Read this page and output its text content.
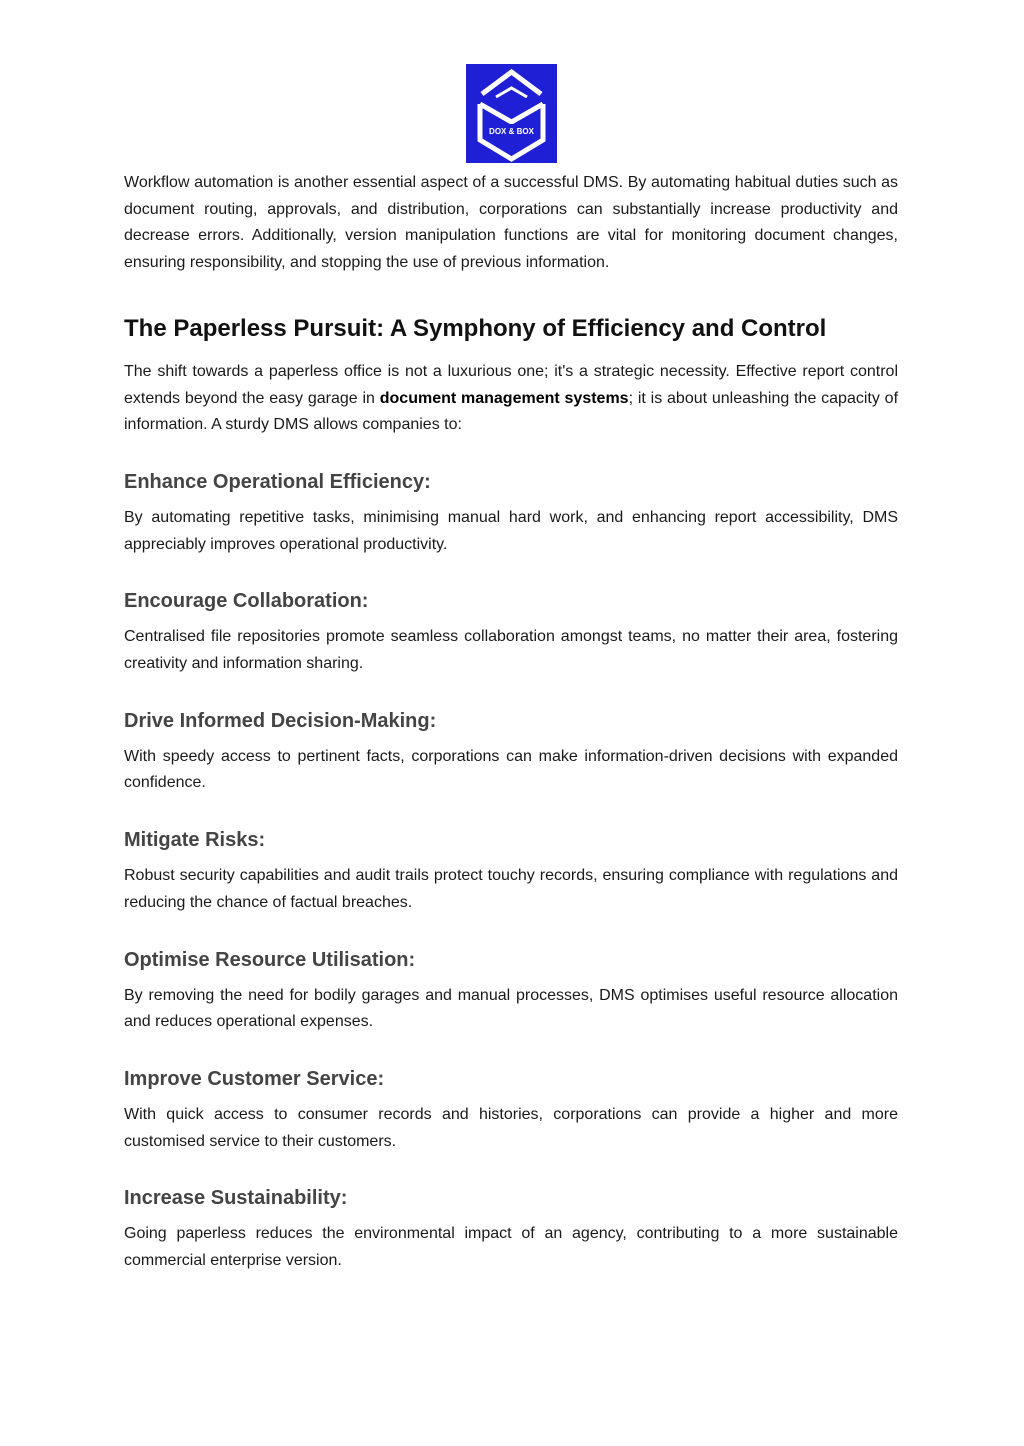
DOX & BOX

Workflow automation is another essential aspect of a successful DMS. By automating habitual duties such as document routing, approvals, and distribution, corporations can substantially increase productivity and decrease errors. Additionally, version manipulation functions are vital for monitoring document changes, ensuring responsibility, and stopping the use of previous information.

The Paperless Pursuit: A Symphony of Efficiency and Control

The shift towards a paperless office is not a luxurious one; it's a strategic necessity. Effective report control extends beyond the easy garage in document management systems; it is about unleashing the capacity of information. A sturdy DMS allows companies to:

Enhance Operational Efficiency:

By automating repetitive tasks, minimising manual hard work, and enhancing report accessibility, DMS appreciably improves operational productivity.

Encourage Collaboration:

Centralised file repositories promote seamless collaboration amongst teams, no matter their area, fostering creativity and information sharing.

Drive Informed Decision-Making:

With speedy access to pertinent facts, corporations can make information-driven decisions with expanded confidence.

Mitigate Risks:

Robust security capabilities and audit trails protect touchy records, ensuring compliance with regulations and reducing the chance of factual breaches.

Optimise Resource Utilisation:

By removing the need for bodily garages and manual processes, DMS optimises useful resource allocation and reduces operational expenses.

Improve Customer Service:

With quick access to consumer records and histories, corporations can provide a higher and more customised service to their customers.

Increase Sustainability:

Going paperless reduces the environmental impact of an agency, contributing to a more sustainable commercial enterprise version.
